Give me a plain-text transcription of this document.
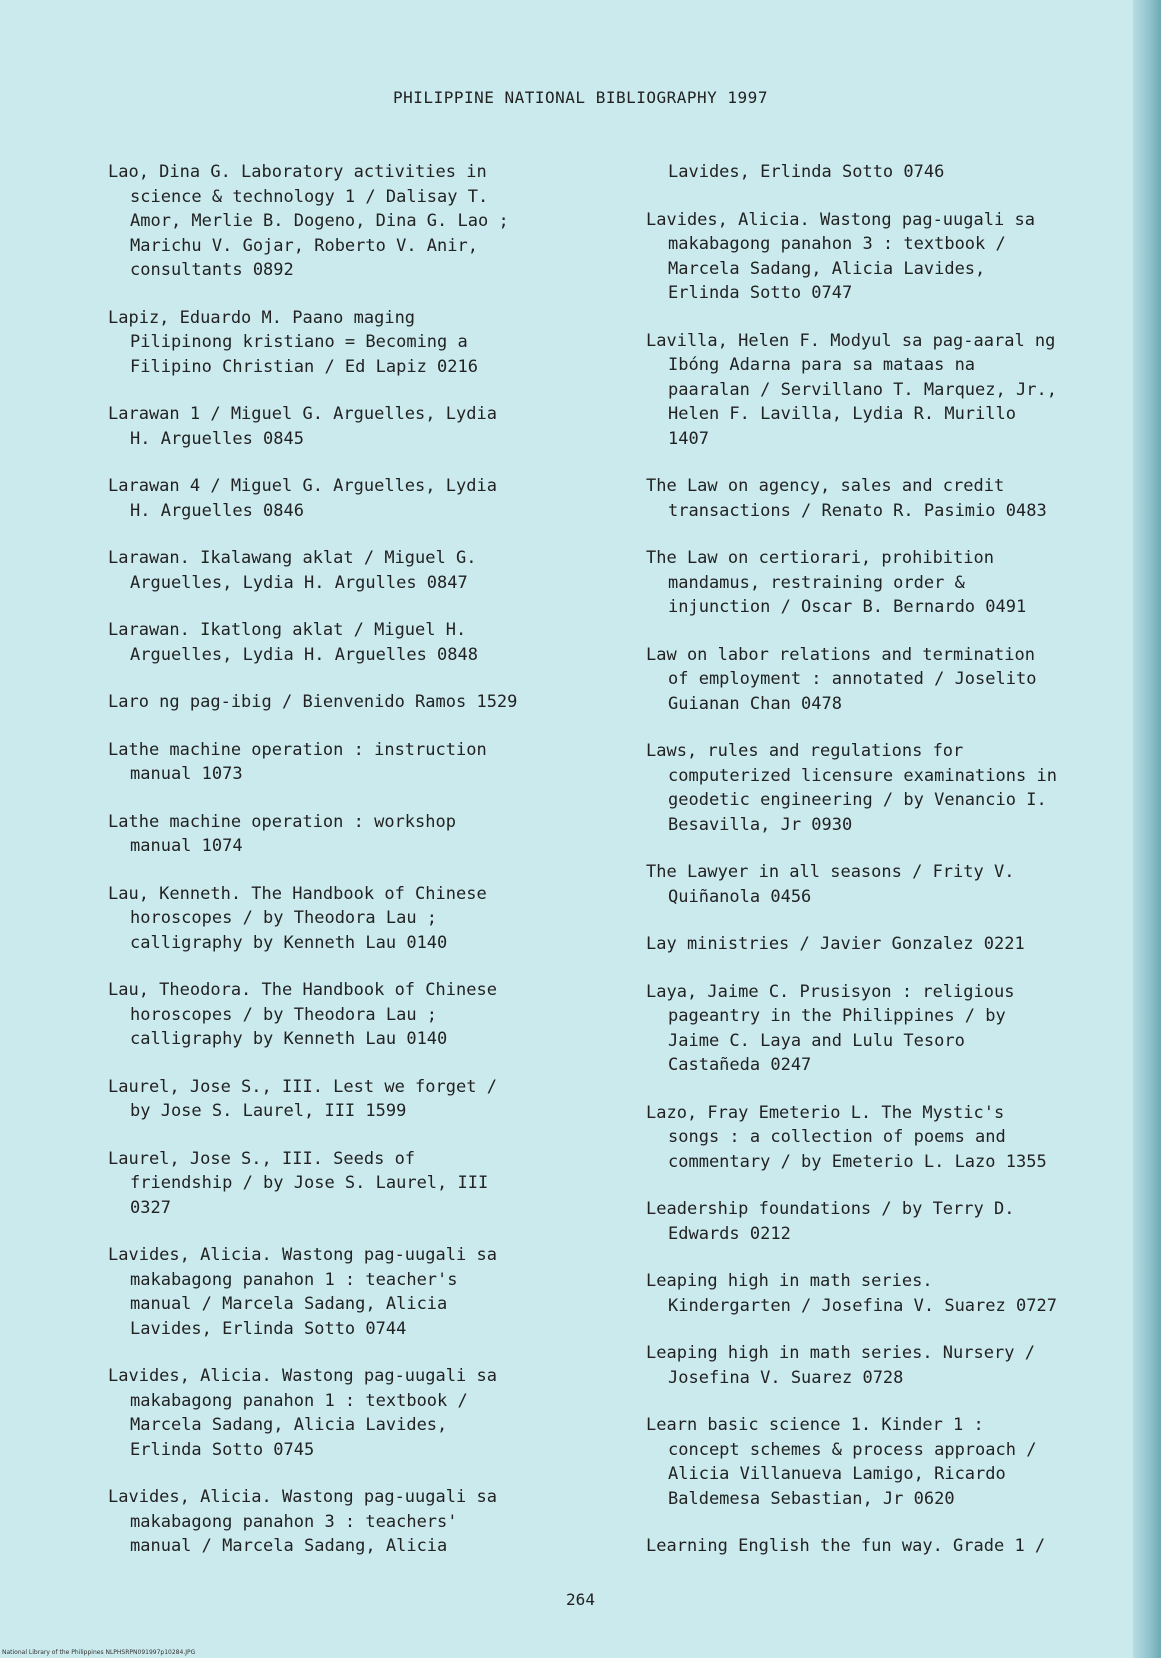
PHILIPPINE NATIONAL BIBLIOGRAPHY 1997
Lao, Dina G. Laboratory activities in
science & technology 1 / Dalisay T.
Amor, Merlie B. Dogeno, Dina G. Lao ;
Marichu V. Gojar, Roberto V. Anir,
consultants 0892
Lapiz, Eduardo M. Paano maging
Pilipinong kristiano = Becoming a
Filipino Christian / Ed Lapiz 0216
Larawan 1 / Miguel G. Arguelles, Lydia
H. Arguelles 0845
Larawan 4 / Miguel G. Arguelles, Lydia
H. Arguelles 0846
Larawan. Ikalawang aklat / Miguel G.
Arguelles, Lydia H. Argulles 0847
Larawan. Ikatlong aklat / Miguel H.
Arguelles, Lydia H. Arguelles 0848
Laro ng pag-ibig / Bienvenido Ramos 1529
Lathe machine operation : instruction
manual 1073
Lathe machine operation : workshop
manual 1074
Lau, Kenneth. The Handbook of Chinese
horoscopes / by Theodora Lau ;
calligraphy by Kenneth Lau 0140
Lau, Theodora. The Handbook of Chinese
horoscopes / by Theodora Lau ;
calligraphy by Kenneth Lau 0140
Laurel, Jose S., III. Lest we forget /
by Jose S. Laurel, III 1599
Laurel, Jose S., III. Seeds of
friendship / by Jose S. Laurel, III
0327
Lavides, Alicia. Wastong pag-uugali sa
makabagong panahon 1 : teacher's
manual / Marcela Sadang, Alicia
Lavides, Erlinda Sotto 0744
Lavides, Alicia. Wastong pag-uugali sa
makabagong panahon 1 : textbook /
Marcela Sadang, Alicia Lavides,
Erlinda Sotto 0745
Lavides, Alicia. Wastong pag-uugali sa
makabagong panahon 3 : teachers'
manual / Marcela Sadang, Alicia
Lavides, Erlinda Sotto 0746
Lavides, Alicia. Wastong pag-uugali sa
makabagong panahon 3 : textbook /
Marcela Sadang, Alicia Lavides,
Erlinda Sotto 0747
Lavilla, Helen F. Modyul sa pag-aaral ng
Ibóng Adarna para sa mataas na
paaralan / Servillano T. Marquez, Jr.,
Helen F. Lavilla, Lydia R. Murillo
1407
The Law on agency, sales and credit
transactions / Renato R. Pasimio 0483
The Law on certiorari, prohibition
mandamus, restraining order &
injunction / Oscar B. Bernardo 0491
Law on labor relations and termination
of employment : annotated / Joselito
Guianan Chan 0478
Laws, rules and regulations for
computerized licensure examinations in
geodetic engineering / by Venancio I.
Besavilla, Jr 0930
The Lawyer in all seasons / Frity V.
Quiñanola 0456
Lay ministries / Javier Gonzalez 0221
Laya, Jaime C. Prusisyon : religious
pageantry in the Philippines / by
Jaime C. Laya and Lulu Tesoro
Castañeda 0247
Lazo, Fray Emeterio L. The Mystic's
songs : a collection of poems and
commentary / by Emeterio L. Lazo 1355
Leadership foundations / by Terry D.
Edwards 0212
Leaping high in math series.
Kindergarten / Josefina V. Suarez 0727
Leaping high in math series. Nursery /
Josefina V. Suarez 0728
Learn basic science 1. Kinder 1 :
concept schemes & process approach /
Alicia Villanueva Lamigo, Ricardo
Baldemesa Sebastian, Jr 0620
Learning English the fun way. Grade 1 /
264
National Library of the Philippines NLPHSRPN091997p10284.JPG
